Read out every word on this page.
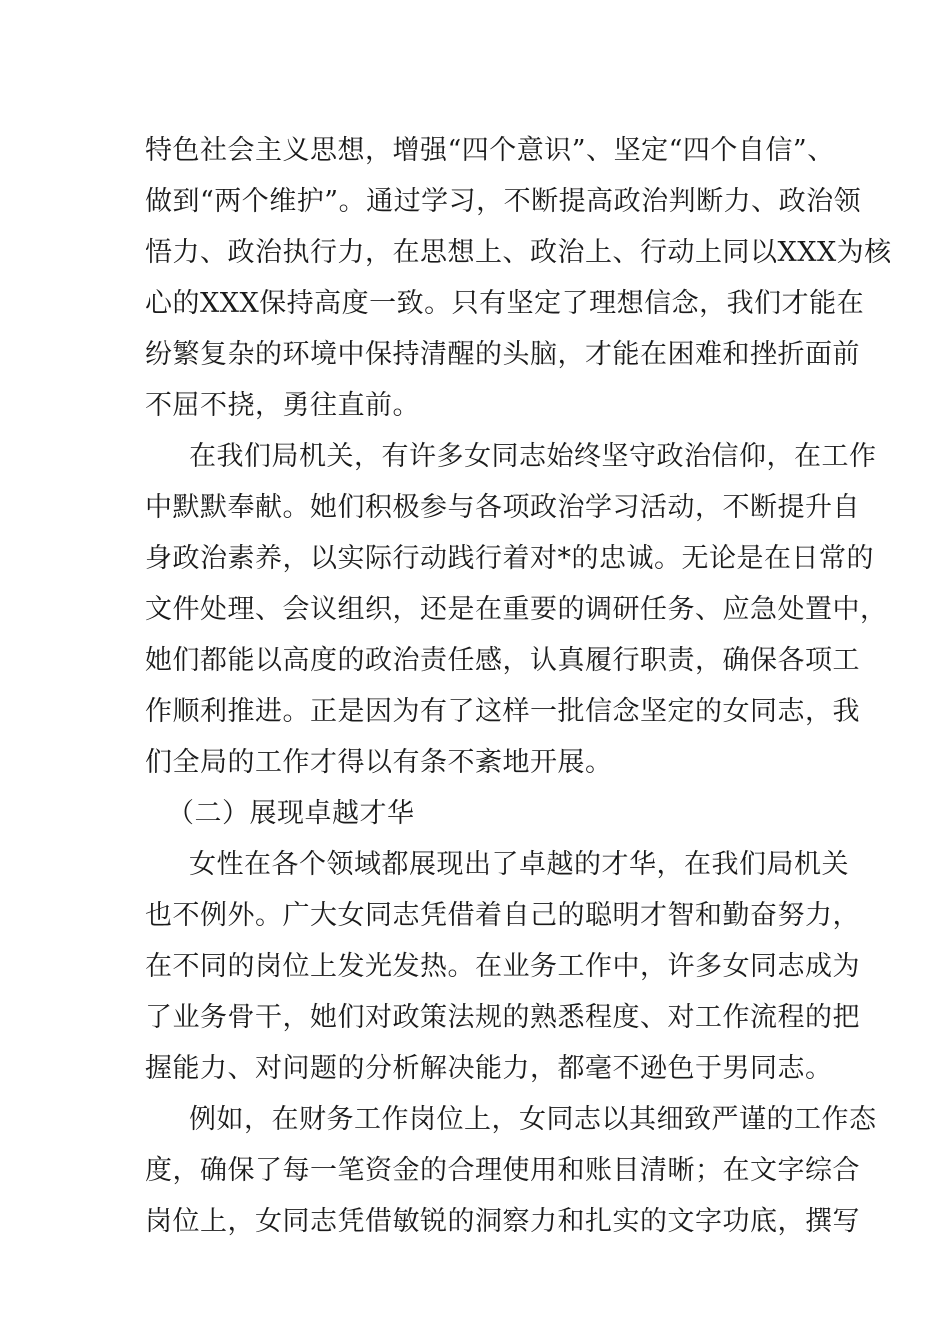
特色社会主义思想，增强“四个意识”、坚定“四个自信”、
做到“两个维护”。通过学习，不断提高政治判断力、政治领
悟力、政治执行力，在思想上、政治上、行动上同以XXX为核
心的XXX保持高度一致。只有坚定了理想信念，我们才能在
纷繁复杂的环境中保持清醒的头脑，才能在困难和挫折面前
不屈不挠，勇往直前。
在我们局机关，有许多女同志始终坚守政治信仰，在工作
中默默奉献。她们积极参与各项政治学习活动，不断提升自
身政治素养，以实际行动践行着对*的忠诚。无论是在日常的
文件处理、会议组织，还是在重要的调研任务、应急处置中，
她们都能以高度的政治责任感，认真履行职责，确保各项工
作顺利推进。正是因为有了这样一批信念坚定的女同志，我
们全局的工作才得以有条不紊地开展。
（二）展现卓越才华
女性在各个领域都展现出了卓越的才华，在我们局机关
也不例外。广大女同志凭借着自己的聪明才智和勤奋努力，
在不同的岗位上发光发热。在业务工作中，许多女同志成为
了业务骨干，她们对政策法规的熟悉程度、对工作流程的把
握能力、对问题的分析解决能力，都毫不逊色于男同志。
例如，在财务工作岗位上，女同志以其细致严谨的工作态
度，确保了每一笔资金的合理使用和账目清晰；在文字综合
岗位上，女同志凭借敏锐的洞察力和扎实的文字功底，撰写
